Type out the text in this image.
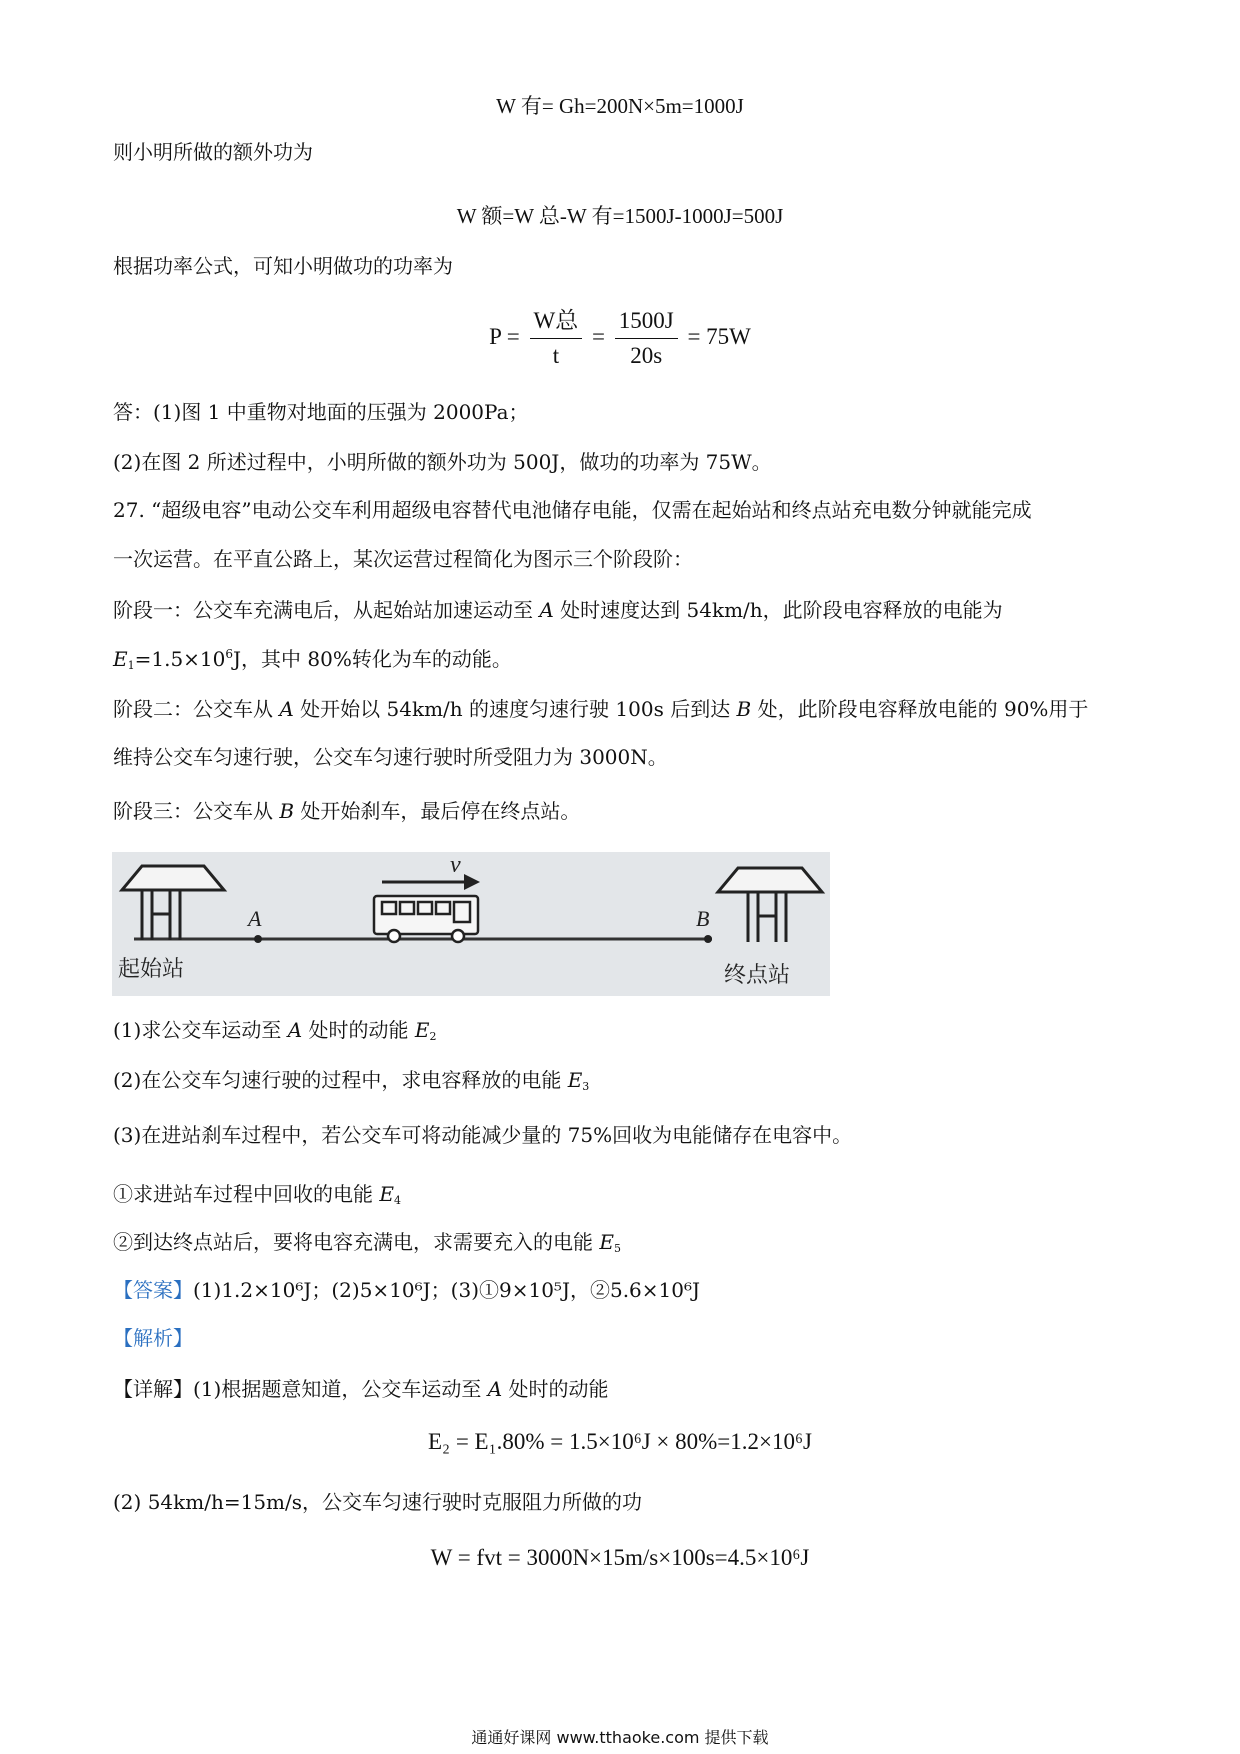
W 有= Gh=200N×5m=1000J
则小明所做的额外功为
W 额=W 总-W 有=1500J-1000J=500J
根据功率公式，可知小明做功的功率为
$P = \frac{\text{W总}}{t} = \frac{1500J}{20s} = 75W$
答：(1)图 1 中重物对地面的压强为 2000Pa；
(2)在图 2 所述过程中，小明所做的额外功为 500J，做功的功率为 75W。
27. “超级电容”电动公交车利用超级电容替代电池储存电能，仅需在起始站和终点站充电数分钟就能完成
一次运营。在平直公路上，某次运营过程简化为图示三个阶段阶：
阶段一：公交车充满电后，从起始站加速运动至 A 处时速度达到 54km/h，此阶段电容释放的电能为
$E_1=1.5\times 10^6J$，其中 80%转化为车的动能。
阶段二：公交车从 A 处开始以 54km/h 的速度匀速行驶 100s 后到达 B 处，此阶段电容释放电能的 90%用于
维持公交车匀速行驶，公交车匀速行驶时所受阻力为 3000N。
阶段三：公交车从 B 处开始刹车，最后停在终点站。
起始站
A
v
B
终点站
(1)求公交车运动至 A 处时的动能 $E_2$
(2)在公交车匀速行驶的过程中，求电容释放的电能 $E_3$
(3)在进站刹车过程中，若公交车可将动能减少量的 75%回收为电能储存在电容中。
①求进站车过程中回收的电能 $E_4$
②到达终点站后，要将电容充满电，求需要充入的电能 $E_5$
【答案】(1)1.2×10⁶J；(2)5×10⁶J；(3)①9×10⁵J，②5.6×10⁶J
【解析】
【详解】(1)根据题意知道，公交车运动至 A 处时的动能
E₂ = E₁.80% = 1.5×10⁶J × 80%=1.2×10⁶J
(2) 54km/h=15m/s，公交车匀速行驶时克服阻力所做的功
W = fvt = 3000N×15m/s×100s=4.5×10⁶J
通通好课网 www.tthaoke.com 提供下载
